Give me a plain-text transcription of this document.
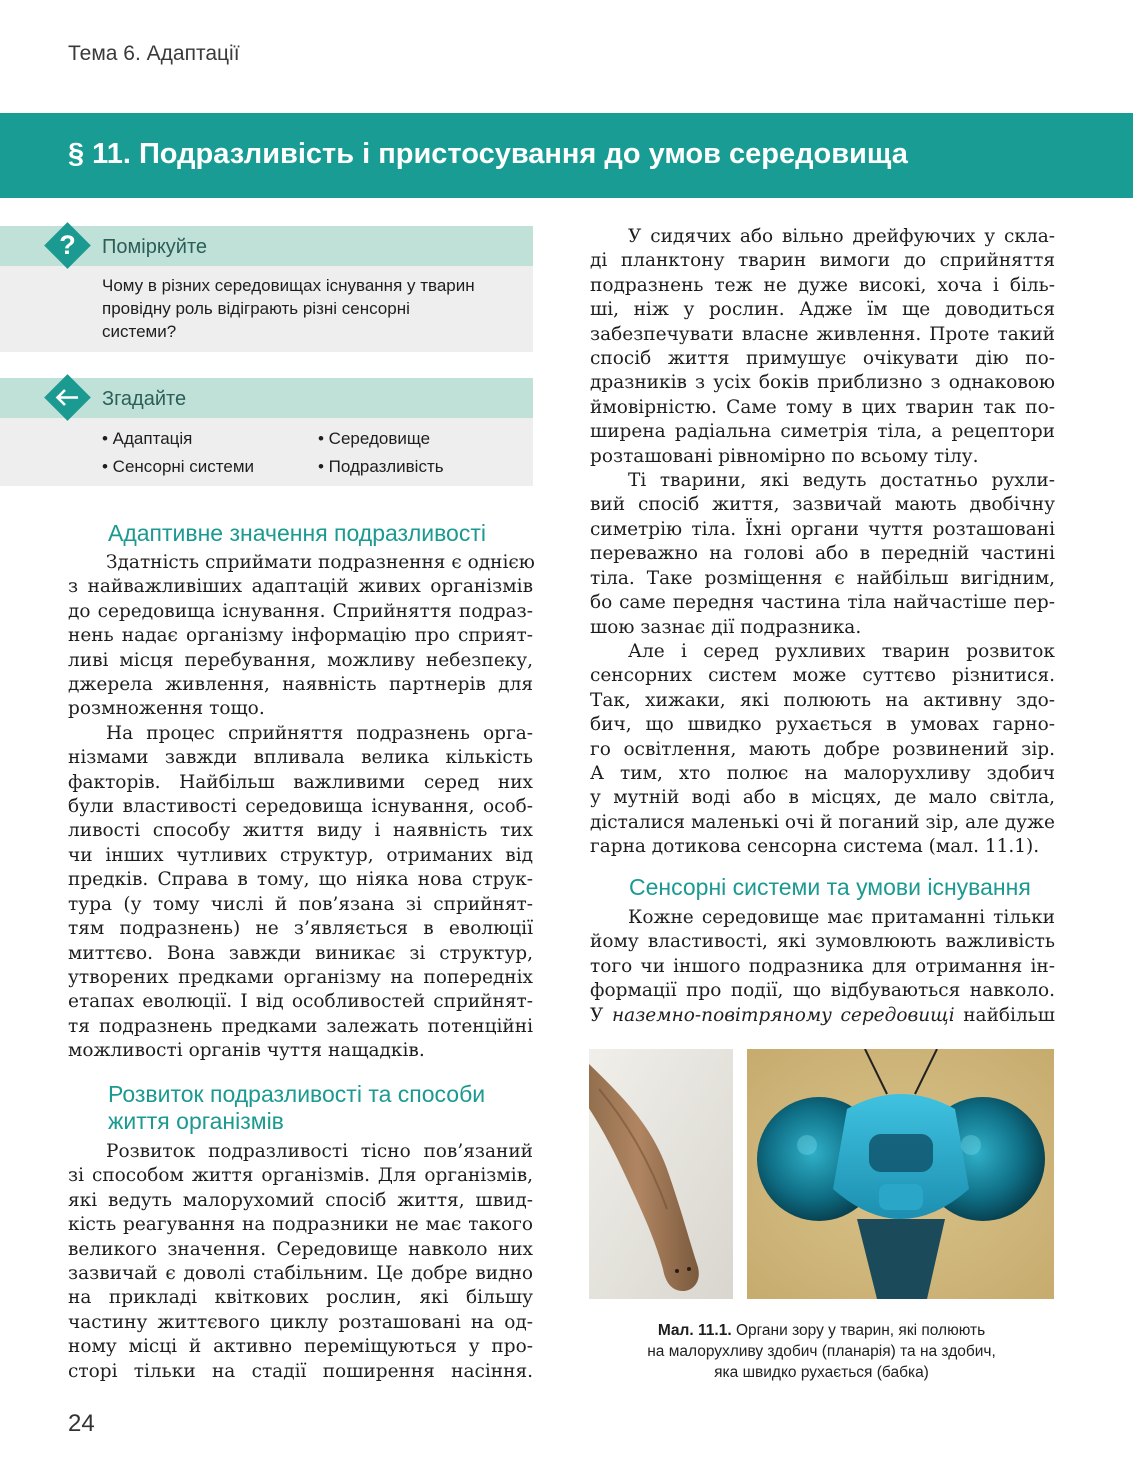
Тема 6. Адаптації
§ 11. Подразливість і пристосування до умов середовища
?	Поміркуйте
Чому в різних середовищах існування у тварин
провідну роль відіграють різні сенсорні
системи?
Згадайте
• Адаптація	• Середовище
• Сенсорні системи	• Подразливість
Адаптивне значення подразливості
Здатність сприймати подразнення є однією
з найважливіших адаптацій живих організмів
до середовища існування. Сприйняття подраз-
нень надає організму інформацію про сприят-
ливі місця перебування, можливу небезпеку,
джерела живлення, наявність партнерів для
розмноження тощо.
На процес сприйняття подразнень орга-
нізмами завжди впливала велика кількість
факторів. Найбільш важливими серед них
були властивості середовища існування, особ-
ливості способу життя виду і наявність тих
чи інших чутливих структур, отриманих від
предків. Справа в тому, що ніяка нова струк-
тура (у тому числі й пов’язана зі сприйнят-
тям подразнень) не з’являється в еволюції
миттєво. Вона завжди виникає зі структур,
утворених предками організму на попередніх
етапах еволюції. І від особливостей сприйнят-
тя подразнень предками залежать потенційні
можливості органів чуття нащадків.
Розвиток подразливості та способи
життя організмів
Розвиток подразливості тісно пов’язаний
зі способом життя організмів. Для організмів,
які ведуть малорухомий спосіб життя, швид-
кість реагування на подразники не має такого
великого значення. Середовище навколо них
зазвичай є доволі стабільним. Це добре видно
на прикладі квіткових рослин, які більшу
частину життєвого циклу розташовані на од-
ному місці й активно переміщуються у про-
сторі тільки на стадії поширення насіння.
У сидячих або вільно дрейфуючих у скла-
ді планктону тварин вимоги до сприйняття
подразнень теж не дуже високі, хоча і біль-
ші, ніж у рослин. Адже їм ще доводиться
забезпечувати власне живлення. Проте такий
спосіб життя примушує очікувати дію по-
дразників з усіх боків приблизно з однаковою
ймовірністю. Саме тому в цих тварин так по-
ширена радіальна симетрія тіла, а рецептори
розташовані рівномірно по всьому тілу.
Ті тварини, які ведуть достатньо рухли-
вий спосіб життя, зазвичай мають двобічну
симетрію тіла. Їхні органи чуття розташовані
переважно на голові або в передній частині
тіла. Таке розміщення є найбільш вигідним,
бо саме передня частина тіла найчастіше пер-
шою зазнає дії подразника.
Але і серед рухливих тварин розвиток
сенсорних систем може суттєво різнитися.
Так, хижаки, які полюють на активну здо-
бич, що швидко рухається в умовах гарно-
го освітлення, мають добре розвинений зір.
А тим, хто полює на малорухливу здобич
у мутній воді або в місцях, де мало світла,
дісталися маленькі очі й поганий зір, але дуже
гарна дотикова сенсорна система (мал. 11.1).
Сенсорні системи та умови існування
Кожне середовище має притаманні тільки
йому властивості, які зумовлюють важливість
того чи іншого подразника для отримання ін-
формації про події, що відбуваються навколо.
У наземно-повітряному середовищі найбільш
Мал. 11.1. Органи зору у тварин, які полюють
на малорухливу здобич (планарія) та на здобич,
яка швидко рухається (бабка)
24
